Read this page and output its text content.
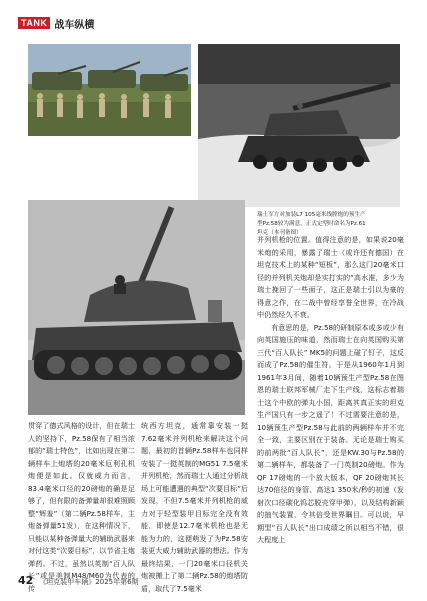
TANK 战车纵横
瑞士军方对加装L7 105毫米线膛炮的预生产
型Pz.58较为满意，正式定型时命名为Pz.61
坦克（本刊备图）

并列机枪的位置。值得注意的是，如果说20毫米炮的采用，暴露了瑞士（或许还有德国）在坦克技术上的某种“短板”，那么这门20毫米口径的并列机关炮却是实打实的“高水准，多少为瑞士挽回了一些面子，这正是瑞士引以为豪的得意之作，在二战中曾经享誉全世界，在冷战中仍然经久不衰。

有意思的是，Pz.58的研制原本或多或少有向英国施压的味道，然而瑞士在向英国购买第三代“百人队长” MK5的问题上碰了钉子，这反而成了Pz.58的催生符。于是从1960年1月到1961年3月间，随着10辆预生产型Pz.58在图恩的瑞士联邦军械厂走下生产线，这标志着瑞士这个中欧的弹丸小国，距离其真正实的坦克生产国只有一步之遥了！不过需要注意的是，10辆预生产型Pz.58与此前的两辆样车并不完全一致，主要区别在于装备。无论是瑞士购买的前两批“百人队长”，还是KW.30与Pz.58的第二辆样车，都装备了一门英制20磅炮。作为QF 17磅炮的一个放大版本，QF 20磅炮其长达70倍径的身管、高达1 350米/秒的初速（发射次口径碳化钨芯脱壳穿甲弹），以及结构新颖的抽气装置，令其倍受世界瞩目。可以说，早期型“百人队长”出口成绩之所以相当不错，很大程度上

贯穿了德式风格的设计，但在瑞士人的坚持下，Pz.58保有了相当浓郁的“瑞士特色”，比如出现在第二辆样车上炮塔的20毫米厄利孔机炮便是如此。仅就威力而言，83.4毫米口径的20磅炮的确是足够了，但有限的备弹量却很难照顾整“辉羞”（第二辆Pz.58样车，主炮备弹量51发），在这种情况下，只能以某种备弹量大的辅助武器来对付这类“次要目标”，以节省主炮弹药。不过，虽然以英制“百人队长”或是美制M48/M60为代表的传

统西方坦克，通常靠安装一挺7.62毫米并列机枪来解决这个问题，最初的首辆Pz.58样车也同样安装了一挺英制的MG51 7.5毫米并列机枪，然而瑞士人通过分析战场上可能遭遇的典型“次要目标”后发现，不但7.5毫米并列机枪的威力对于轻型装甲目标完全没有效能，即使是12.7毫米机枪也是无能为力的，这便萌发了为Pz.58安装更大威力辅助武器的想法。作为最终结果，一门20毫米口径机关炮被搬上了第二辆Pz.58的炮塔防盾，取代了7.5毫米

42 《坦克装甲车辆》2025年第6期
